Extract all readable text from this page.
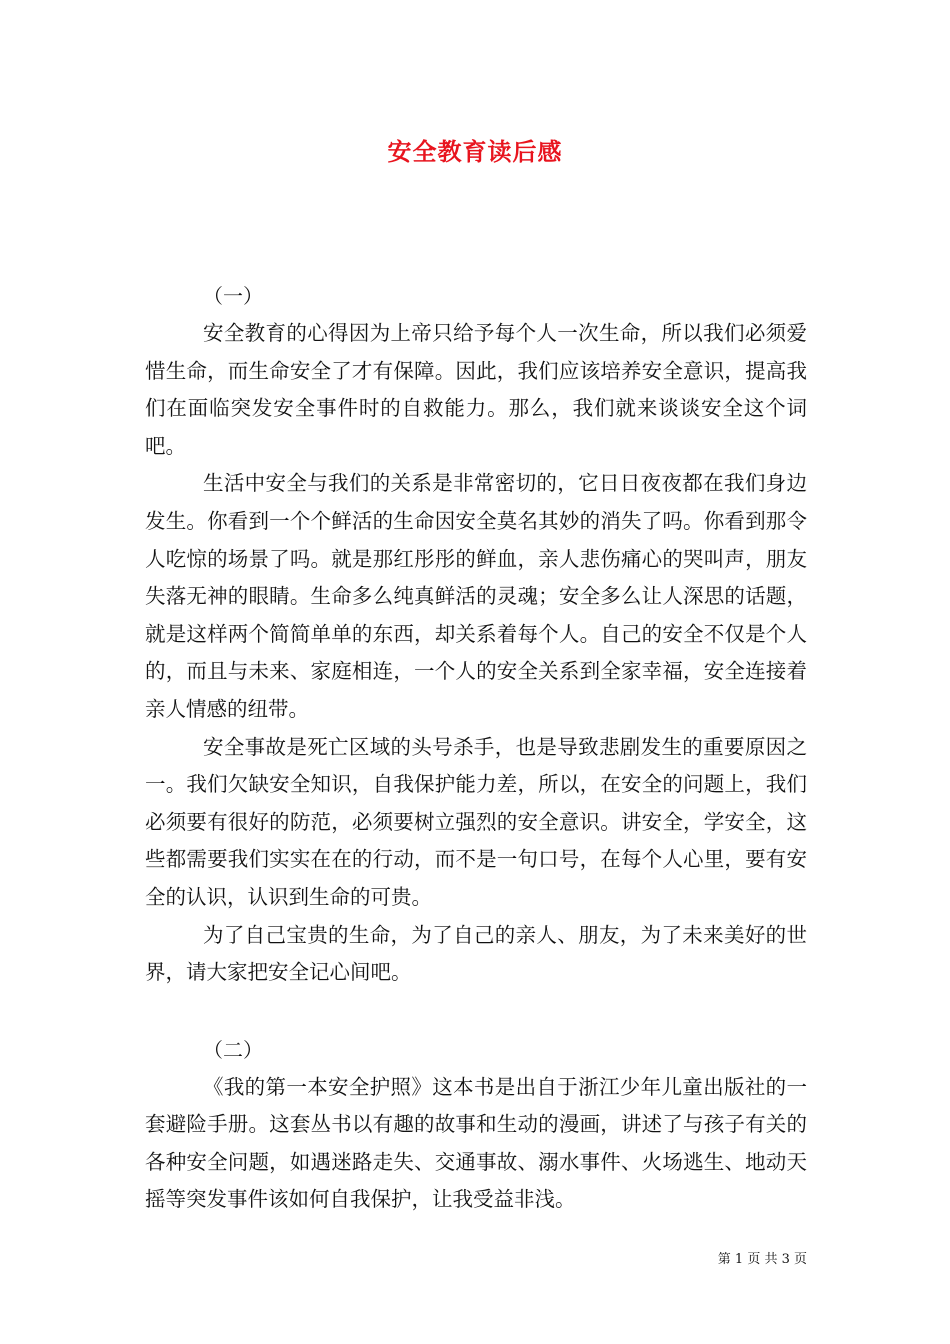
安全教育读后感

（一）

安全教育的心得因为上帝只给予每个人一次生命，所以我们必须爱惜生命，而生命安全了才有保障。因此，我们应该培养安全意识，提高我们在面临突发安全事件时的自救能力。那么，我们就来谈谈安全这个词吧。

生活中安全与我们的关系是非常密切的，它日日夜夜都在我们身边发生。你看到一个个鲜活的生命因安全莫名其妙的消失了吗。你看到那令人吃惊的场景了吗。就是那红彤彤的鲜血，亲人悲伤痛心的哭叫声，朋友失落无神的眼睛。生命多么纯真鲜活的灵魂；安全多么让人深思的话题，就是这样两个简简单单的东西，却关系着每个人。自己的安全不仅是个人的，而且与未来、家庭相连，一个人的安全关系到全家幸福，安全连接着亲人情感的纽带。

安全事故是死亡区域的头号杀手，也是导致悲剧发生的重要原因之一。我们欠缺安全知识，自我保护能力差，所以，在安全的问题上，我们必须要有很好的防范，必须要树立强烈的安全意识。讲安全，学安全，这些都需要我们实实在在的行动，而不是一句口号，在每个人心里，要有安全的认识，认识到生命的可贵。

为了自己宝贵的生命，为了自己的亲人、朋友，为了未来美好的世界，请大家把安全记心间吧。

（二）

《我的第一本安全护照》这本书是出自于浙江少年儿童出版社的一套避险手册。这套丛书以有趣的故事和生动的漫画，讲述了与孩子有关的各种安全问题，如遇迷路走失、交通事故、溺水事件、火场逃生、地动天摇等突发事件该如何自我保护，让我受益非浅。

第 1 页 共 3 页
